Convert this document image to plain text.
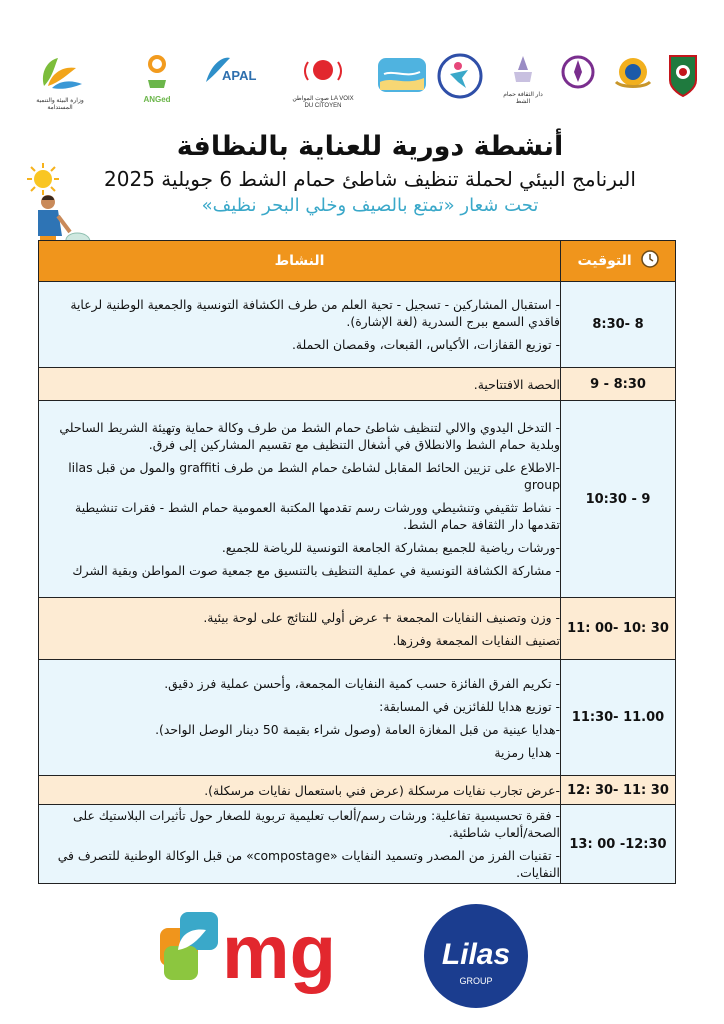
وزارة البيئة والتنمية المستدامة
ANGed
APAL
صوت المواطن LA VOIX DU CITOYEN
دار الثقافة حمام الشط
أنشطة دورية للعناية بالنظافة

البرنامج البيئي لحملة تنظيف شاطئ حمام الشط 6 جويلية 2025

تحت شعار «تمتع بالصيف وخلي البحر نظيف»

التوقيت	النشاط
8:30- 8	- استقبال المشاركين - تسجيل - تحية العلم من طرف الكشافة التونسية والجمعية الوطنية لرعاية فاقدي السمع ببرج السدرية (لغة الإشارة).

- توزيع القفازات، الأكياس، القبعات، وقمصان الحملة.

9 - 8:30	الحصة الافتتاحية.

10:30 - 9	- التدخل اليدوي والالي لتنظيف شاطئ حمام الشط من طرف وكالة حماية وتهيئة الشريط الساحلي وبلدية حمام الشط والانطلاق في أشغال التنظيف مع تقسيم المشاركين إلى فرق.

-الاطلاع على تزيين الحائط المقابل لشاطئ حمام الشط من طرف graffiti والمول من قبل lilas group

- نشاط تثقيفي وتنشيطي وورشات رسم تقدمها المكتبة العمومية حمام الشط - فقرات تنشيطية تقدمها دار الثقافة حمام الشط.

-ورشات رياضية للجميع بمشاركة الجامعة التونسية للرياضة للجميع.

- مشاركة الكشافة التونسية في عملية التنظيف بالتنسيق مع جمعية صوت المواطن وبقية الشرك

11: 00- 10: 30	- وزن وتصنيف النفايات المجمعة + عرض أولي للنتائج على لوحة بيئية.

تصنيف النفايات المجمعة وفرزها.

11:30- 11.00	- تكريم الفرق الفائزة حسب كمية النفايات المجمعة، وأحسن عملية فرز دقيق.

- توزيع هدايا للفائزين في المسابقة:

-هدايا عينية من قبل المغازة العامة (وصول شراء بقيمة 50 دينار الوصل الواحد).

- هدايا رمزية

12: 30- 11: 30	-عرض تجارب نفايات مرسكلة (عرض فني باستعمال نفايات مرسكلة).

13: 00 -12:30	- فقرة تحسيسية تفاعلية: ورشات رسم/ألعاب تعليمية تربوية للصغار حول تأثيرات البلاستيك على الصحة/ألعاب شاطئية.

- تقنيات الفرز من المصدر وتسميد النفايات «compostage» من قبل الوكالة الوطنية للتصرف في النفايات.

mg	Lilas
GROUP
